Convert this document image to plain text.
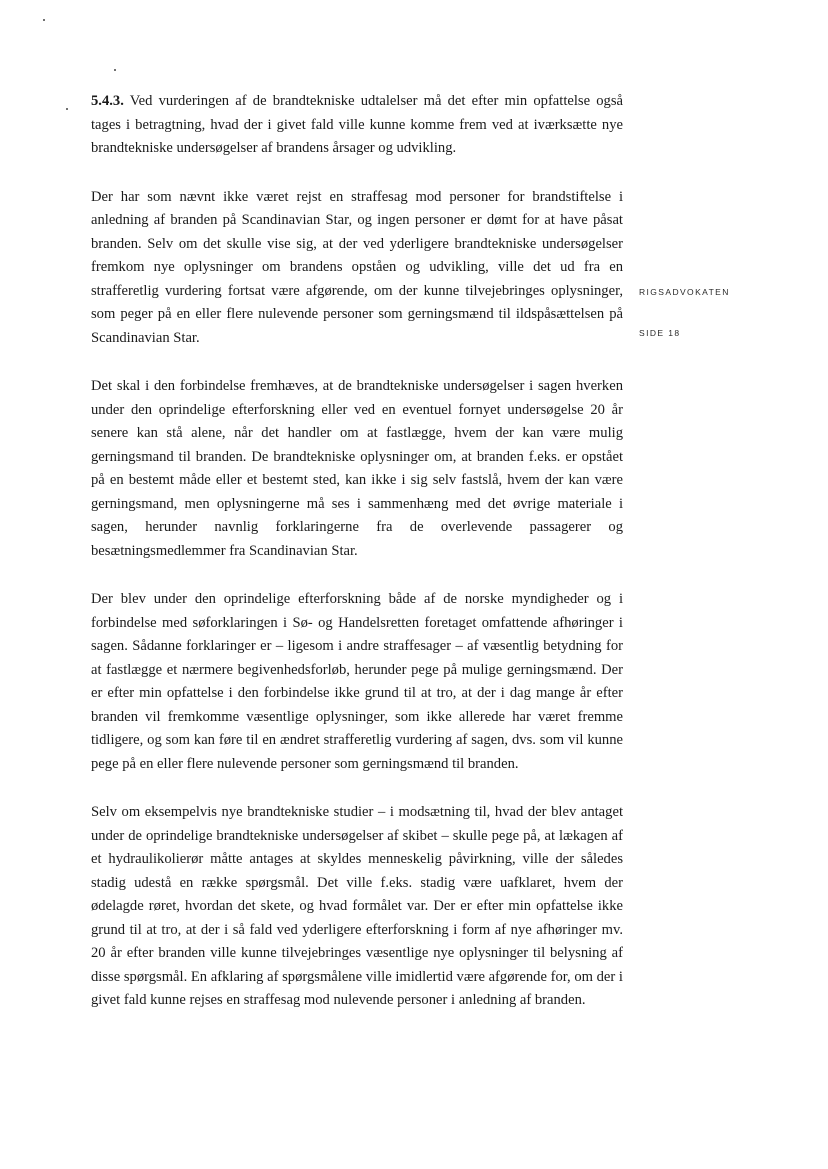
5.4.3. Ved vurderingen af de brandtekniske udtalelser må det efter min opfattelse også tages i betragtning, hvad der i givet fald ville kunne komme frem ved at iværksætte nye brandtekniske undersøgelser af brandens årsager og udvikling.

Der har som nævnt ikke været rejst en straffesag mod personer for brandstiftelse i anledning af branden på Scandinavian Star, og ingen personer er dømt for at have påsat branden. Selv om det skulle vise sig, at der ved yderligere brandtekniske undersøgelser fremkom nye oplysninger om brandens opståen og udvikling, ville det ud fra en strafferetlig vurdering fortsat være afgørende, om der kunne tilvejebringes oplysninger, som peger på en eller flere nulevende personer som gerningsmænd til ildspåsættelsen på Scandinavian Star.

Det skal i den forbindelse fremhæves, at de brandtekniske undersøgelser i sagen hverken under den oprindelige efterforskning eller ved en eventuel fornyet undersøgelse 20 år senere kan stå alene, når det handler om at fastlægge, hvem der kan være mulig gerningsmand til branden. De brandtekniske oplysninger om, at branden f.eks. er opstået på en bestemt måde eller et bestemt sted, kan ikke i sig selv fastslå, hvem der kan være gerningsmand, men oplysningerne må ses i sammenhæng med det øvrige materiale i sagen, herunder navnlig forklaringerne fra de overlevende passagerer og besætningsmedlemmer fra Scandinavian Star.

Der blev under den oprindelige efterforskning både af de norske myndigheder og i forbindelse med søforklaringen i Sø- og Handelsretten foretaget omfattende afhøringer i sagen. Sådanne forklaringer er – ligesom i andre straffesager – af væsentlig betydning for at fastlægge et nærmere begivenhedsforløb, herunder pege på mulige gerningsmænd. Der er efter min opfattelse i den forbindelse ikke grund til at tro, at der i dag mange år efter branden vil fremkomme væsentlige oplysninger, som ikke allerede har været fremme tidligere, og som kan føre til en ændret strafferetlig vurdering af sagen, dvs. som vil kunne pege på en eller flere nulevende personer som gerningsmænd til branden.

Selv om eksempelvis nye brandtekniske studier – i modsætning til, hvad der blev antaget under de oprindelige brandtekniske undersøgelser af skibet – skulle pege på, at lækagen af et hydraulikolierør måtte antages at skyldes menneskelig påvirkning, ville der således stadig udestå en række spørgsmål. Det ville f.eks. stadig være uafklaret, hvem der ødelagde røret, hvordan det skete, og hvad formålet var. Der er efter min opfattelse ikke grund til at tro, at der i så fald ved yderligere efterforskning i form af nye afhøringer mv. 20 år efter branden ville kunne tilvejebringes væsentlige nye oplysninger til belysning af disse spørgsmål. En afklaring af spørgsmålene ville imidlertid være afgørende for, om der i givet fald kunne rejses en straffesag mod nulevende personer i anledning af branden.

RIGSADVOKATEN
SIDE 18
